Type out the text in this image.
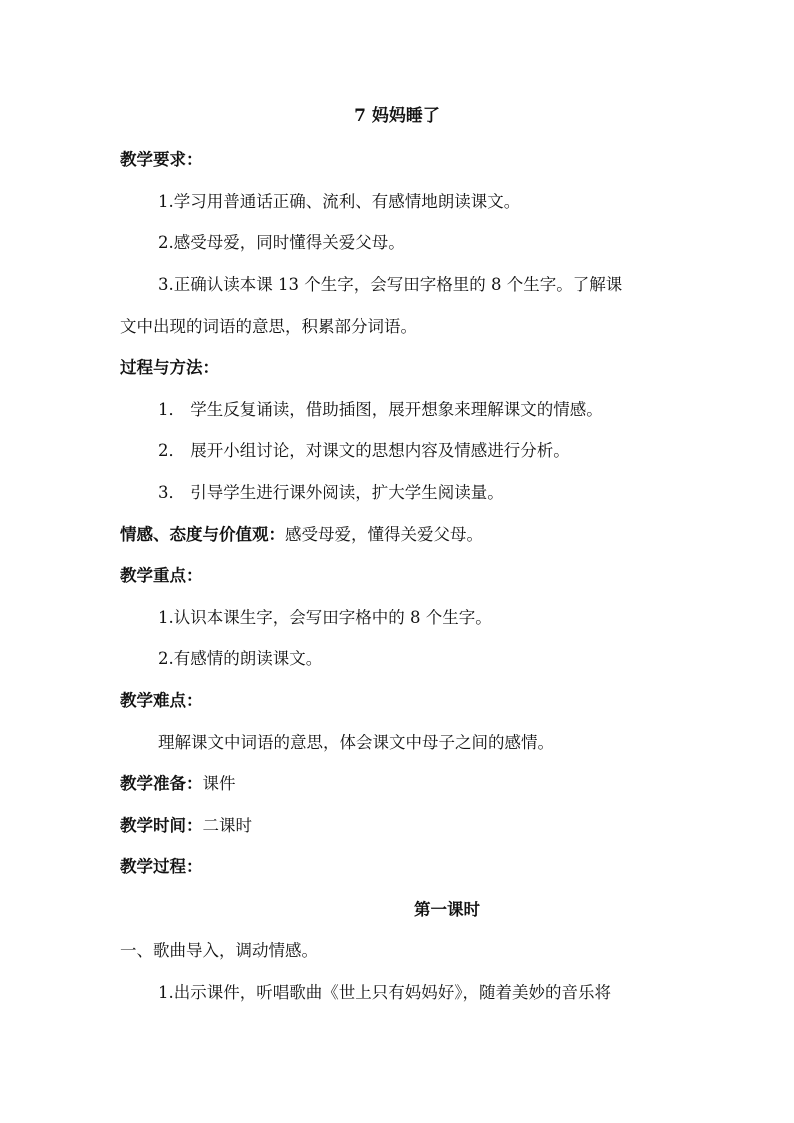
7 妈妈睡了
教学要求：
1.学习用普通话正确、流利、有感情地朗读课文。
2.感受母爱，同时懂得关爱父母。
3.正确认读本课 13 个生字，会写田字格里的 8 个生字。了解课
文中出现的词语的意思，积累部分词语。
过程与方法：
1． 学生反复诵读，借助插图，展开想象来理解课文的情感。
2． 展开小组讨论，对课文的思想内容及情感进行分析。
3． 引导学生进行课外阅读，扩大学生阅读量。
情感、态度与价值观：感受母爱，懂得关爱父母。
教学重点：
1.认识本课生字，会写田字格中的 8 个生字。
2.有感情的朗读课文。
教学难点：
理解课文中词语的意思，体会课文中母子之间的感情。
教学准备：课件
教学时间：二课时
教学过程：
第一课时
一、歌曲导入，调动情感。
1.出示课件，听唱歌曲《世上只有妈妈好》，随着美妙的音乐将
